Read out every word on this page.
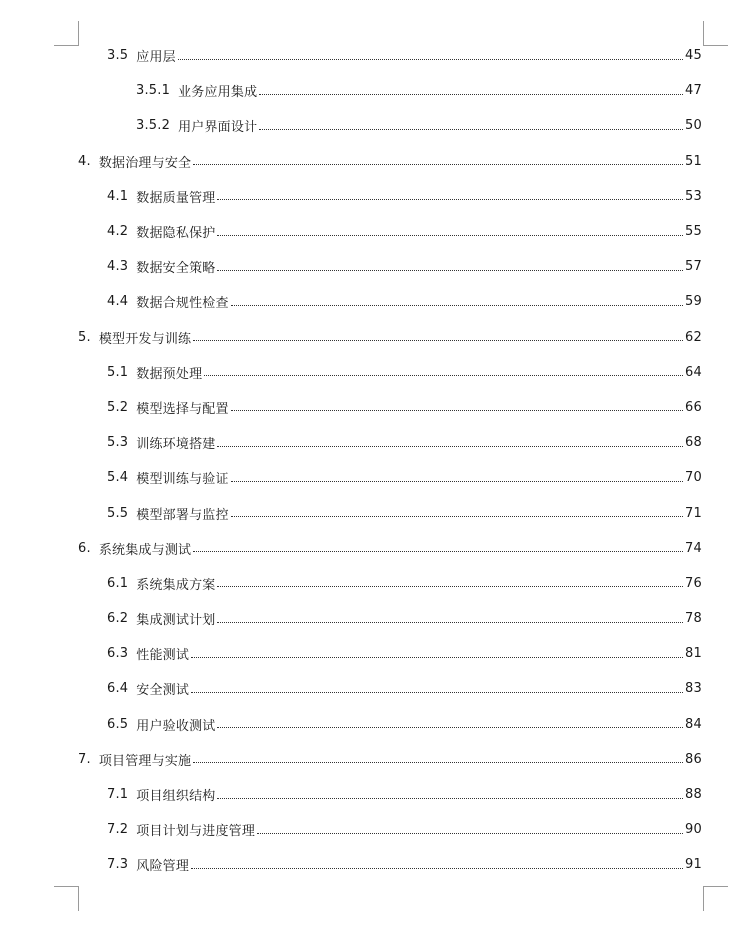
3.5 应用层	45
3.5.1 业务应用集成	47
3.5.2 用户界面设计	50
4. 数据治理与安全	51
4.1 数据质量管理	53
4.2 数据隐私保护	55
4.3 数据安全策略	57
4.4 数据合规性检查	59
5. 模型开发与训练	62
5.1 数据预处理	64
5.2 模型选择与配置	66
5.3 训练环境搭建	68
5.4 模型训练与验证	70
5.5 模型部署与监控	71
6. 系统集成与测试	74
6.1 系统集成方案	76
6.2 集成测试计划	78
6.3 性能测试	81
6.4 安全测试	83
6.5 用户验收测试	84
7. 项目管理与实施	86
7.1 项目组织结构	88
7.2 项目计划与进度管理	90
7.3 风险管理	91
